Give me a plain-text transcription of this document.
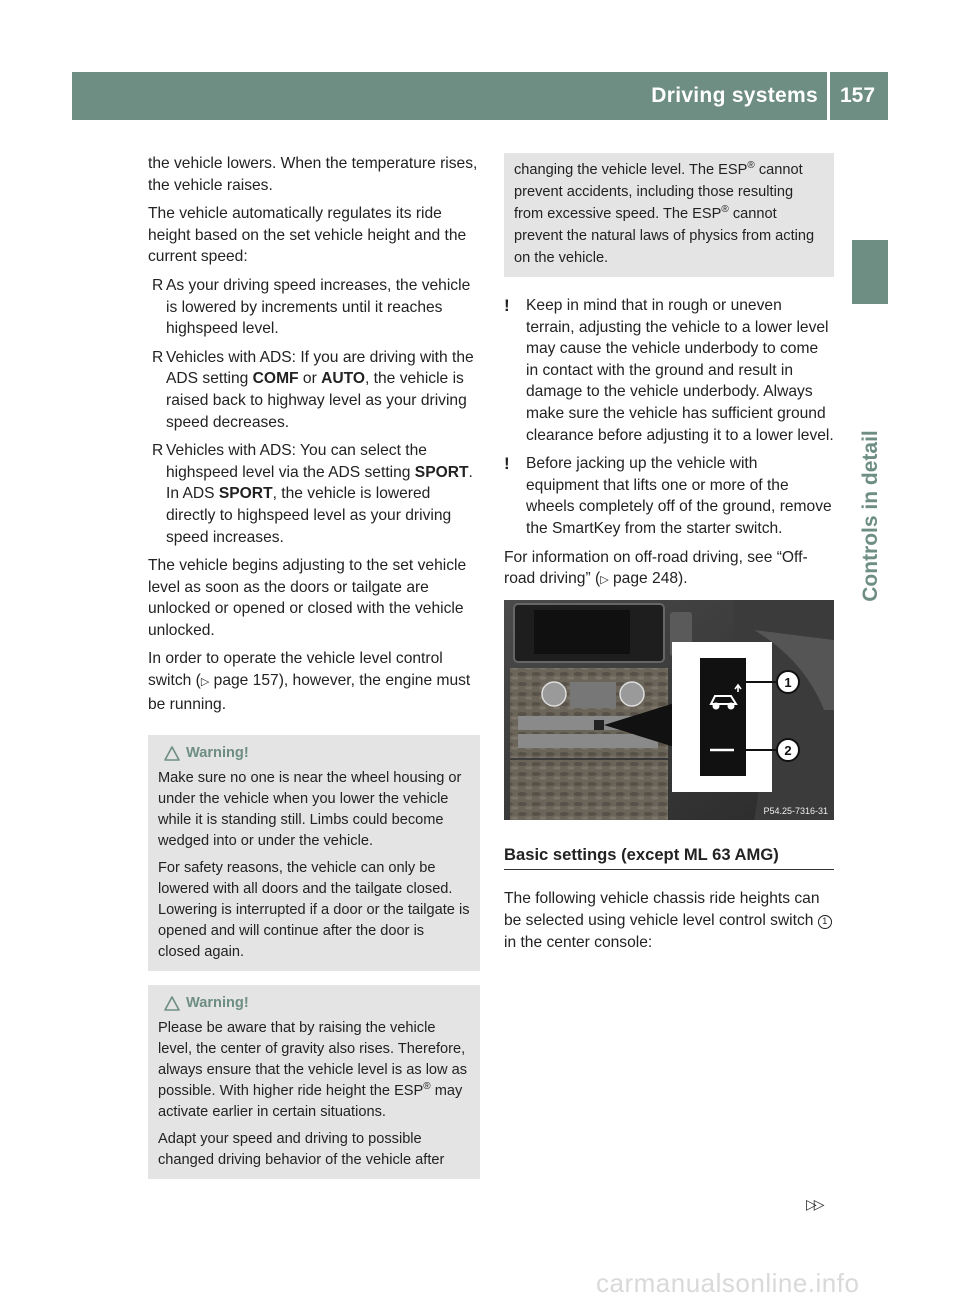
Driving systems 157
Controls in detail

the vehicle lowers. When the temperature rises, the vehicle raises.

The vehicle automatically regulates its ride height based on the set vehicle height and the current speed:

R As your driving speed increases, the vehicle is lowered by increments until it reaches highspeed level.
R Vehicles with ADS: If you are driving with the ADS setting COMF or AUTO, the vehicle is raised back to highway level as your driving speed decreases.
R Vehicles with ADS: You can select the highspeed level via the ADS setting SPORT. In ADS SPORT, the vehicle is lowered directly to highspeed level as your driving speed increases.

The vehicle begins adjusting to the set vehicle level as soon as the doors or tailgate are unlocked or opened or closed with the vehicle unlocked.

In order to operate the vehicle level control switch (▷ page 157), however, the engine must be running.

Warning!

Make sure no one is near the wheel housing or under the vehicle when you lower the vehicle while it is standing still. Limbs could become wedged into or under the vehicle.

For safety reasons, the vehicle can only be lowered with all doors and the tailgate closed. Lowering is interrupted if a door or the tailgate is opened and will continue after the door is closed again.

Warning!

Please be aware that by raising the vehicle level, the center of gravity also rises. Therefore, always ensure that the vehicle level is as low as possible. With higher ride height the ESP® may activate earlier in certain situations.

Adapt your speed and driving to possible changed driving behavior of the vehicle after

changing the vehicle level. The ESP® cannot prevent accidents, including those resulting from excessive speed. The ESP® cannot prevent the natural laws of physics from acting on the vehicle.
! Keep in mind that in rough or uneven terrain, adjusting the vehicle to a lower level may cause the vehicle underbody to come in contact with the ground and result in damage to the vehicle underbody. Always make sure the vehicle has sufficient ground clearance before adjusting it to a lower level.
! Before jacking up the vehicle with equipment that lifts one or more of the wheels completely off of the ground, remove the SmartKey from the starter switch.

For information on off-road driving, see “Off-road driving” (▷ page 248).

1
2
P54.25-7316-31
Basic settings (except ML 63 AMG)

The following vehicle chassis ride heights can be selected using vehicle level control switch 1 in the center console:

▷▷
carmanualsonline.info
